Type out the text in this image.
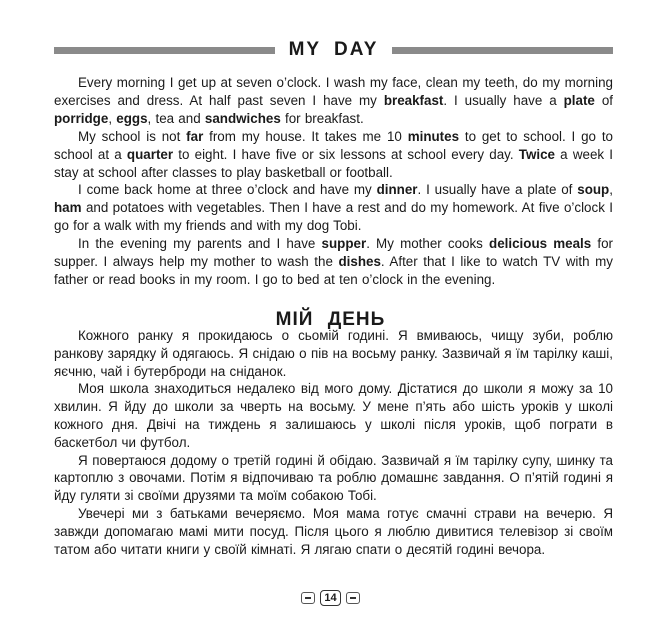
MY DAY

Every morning I get up at seven o’clock. I wash my face, clean my teeth, do my morning exercises and dress. At half past seven I have my breakfast. I usually have a plate of porridge, eggs, tea and sandwiches for breakfast.

My school is not far from my house. It takes me 10 minutes to get to school. I go to school at a quarter to eight. I have five or six lessons at school every day. Twice a week I stay at school after classes to play basketball or football.

I come back home at three o’clock and have my dinner. I usually have a plate of soup, ham and potatoes with vegetables. Then I have a rest and do my homework. At five o’clock I go for a walk with my friends and with my dog Tobi.

In the evening my parents and I have supper. My mother cooks delicious meals for supper. I always help my mother to wash the dishes. After that I like to watch TV with my father or read books in my room. I go to bed at ten o’clock in the evening.

МІЙ ДЕНЬ

Кожного ранку я прокидаюсь о сьомій годині. Я вмиваюсь, чищу зуби, роблю ранкову зарядку й одягаюсь. Я снідаю о пів на восьму ранку. Зазвичай я їм тарілку каші, яєчню, чай і бутерброди на сніданок.

Моя школа знаходиться недалеко від мого дому. Дістатися до школи я можу за 10 хвилин. Я йду до школи за чверть на восьму. У мене п’ять або шість уроків у школі кожного дня. Двічі на тиждень я залишаюсь у школі після уроків, щоб пограти в баскетбол чи футбол.

Я повертаюся додому о третій годині й обідаю. Зазвичай я їм тарілку супу, шинку та картоплю з овочами. Потім я відпочиваю та роблю домашнє завдання. О п’ятій годині я йду гуляти зі своїми друзями та моїм собакою Тобі.

Увечері ми з батьками вечеряємо. Моя мама готує смачні страви на вечерю. Я завжди допомагаю мамі мити посуд. Після цього я люблю дивитися телевізор зі своїм татом або читати книги у своїй кімнаті. Я лягаю спати о десятій годині вечора.

14
